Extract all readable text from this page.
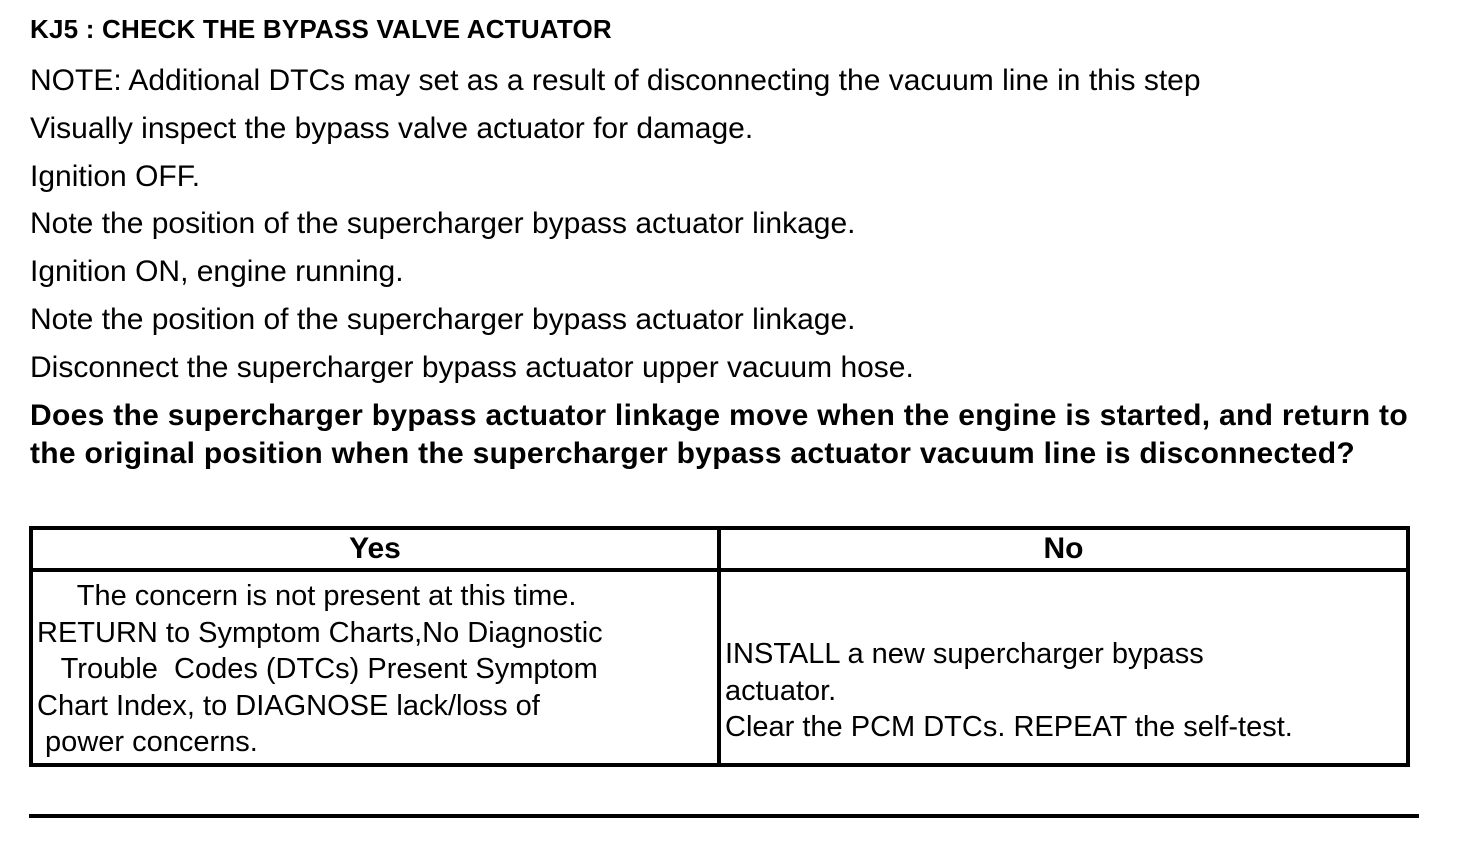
KJ5 : CHECK THE BYPASS VALVE ACTUATOR
NOTE: Additional DTCs may set as a result of disconnecting the vacuum line in this step
Visually inspect the bypass valve actuator for damage.
Ignition OFF.
Note the position of the supercharger bypass actuator linkage.
Ignition ON, engine running.
Note the position of the supercharger bypass actuator linkage.
Disconnect the supercharger bypass actuator upper vacuum hose.
Does the supercharger bypass actuator linkage move when the engine is started, and return to the original position when the supercharger bypass actuator vacuum line is disconnected?
Yes	No
The concern is not present at this time.
RETURN to Symptom Charts,No Diagnostic
Trouble  Codes (DTCs) Present Symptom
Chart Index, to DIAGNOSE lack/loss of
power concerns.
INSTALL a new supercharger bypass
actuator.
Clear the PCM DTCs. REPEAT the self-test.
